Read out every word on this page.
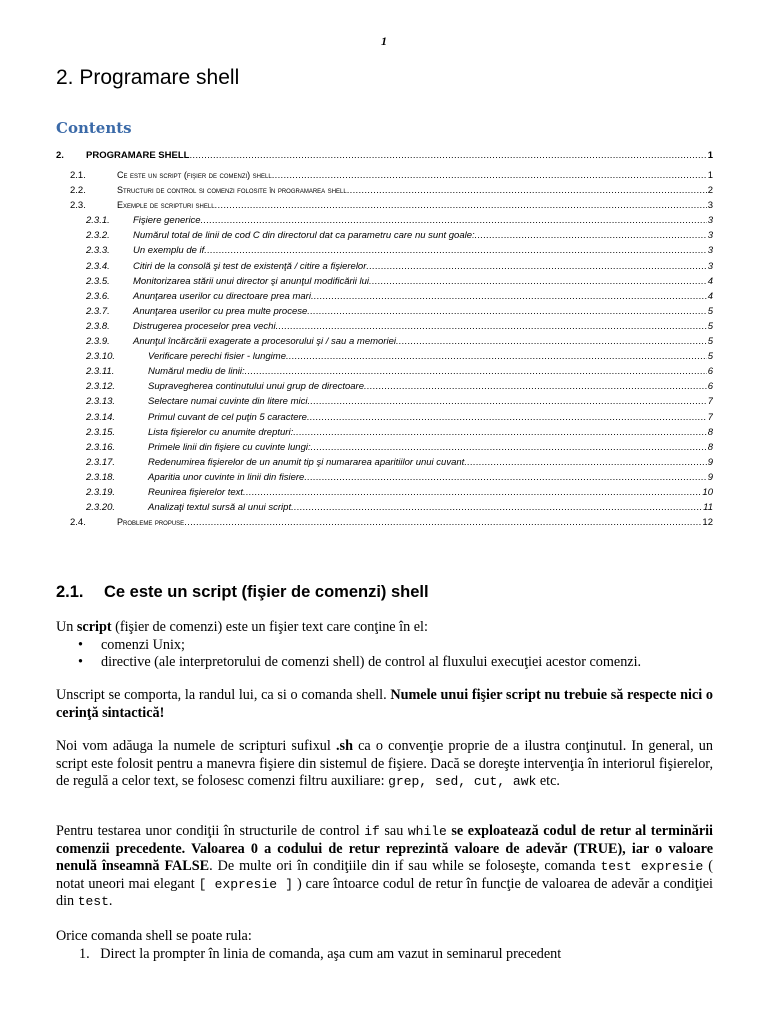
1
2. Programare shell
Contents
2.	PROGRAMARE SHELL .....	1
2.1.	Ce este un script (fişier de comenzi) shell .....	1
2.2.	Structuri de control si comenzi folosite în programarea shell .....	2
2.3.	Exemple de scripturi shell .....	3
2.3.1.	Fişiere generice .....	3
2.3.2.	Numărul total de linii de cod C din directorul dat ca parametru care nu sunt goale: .....	3
2.3.3.	Un exemplu de if .....	3
2.3.4.	Citiri de la consolă şi test de existenţă / citire a fişierelor .....	3
2.3.5.	Monitorizarea stării unui director şi anunţul modificării lui .....	4
2.3.6.	Anunţarea userilor cu directoare prea mari .....	4
2.3.7.	Anunţarea userilor cu prea multe procese .....	5
2.3.8.	Distrugerea proceselor prea vechi .....	5
2.3.9.	Anunţul încărcării exagerate a procesorului şi / sau a memoriei .....	5
2.3.10.	Verificare perechi fisier - lungime .....	5
2.3.11.	Numărul mediu de linii: .....	6
2.3.12.	Supravegherea continutului unui grup de directoare .....	6
2.3.13.	Selectare numai cuvinte din litere mici .....	7
2.3.14.	Primul cuvant de cel puţin 5 caractere .....	7
2.3.15.	Lista fişierelor cu anumite drepturi: .....	8
2.3.16.	Primele linii din fişiere cu cuvinte lungi: .....	8
2.3.17.	Redenumirea fişierelor de un anumit tip şi numararea aparitiilor unui cuvant .....	9
2.3.18.	Aparitia unor cuvinte in linii din fisiere .....	9
2.3.19.	Reunirea fişierelor text .....	10
2.3.20.	Analizaţi textul sursă al unui script .....	11
2.4.	Probleme propuse .....	12
2.1. Ce este un script (fişier de comenzi) shell
Un script (fişier de comenzi) este un fişier text care conţine în el:
• comenzi Unix;
• directive (ale interpretorului de comenzi shell) de control al fluxului execuţiei acestor comenzi.
Unscript se comporta, la randul lui, ca si o comanda shell. Numele unui fişier script nu trebuie să respecte nici o cerinţă sintactică!
Noi vom adăuga la numele de scripturi sufixul .sh ca o convenţie proprie de a ilustra conţinutul. In general, un script este folosit pentru a manevra fişiere din sistemul de fişiere. Dacă se doreşte intervenţia în interiorul fişierelor, de regulă a celor text, se folosesc comenzi filtru auxiliare: grep, sed, cut, awk etc.
Pentru testarea unor condiţii în structurile de control if sau while se exploatează codul de retur al terminării comenzii precedente. Valoarea 0 a codului de retur reprezintă valoare de adevăr (TRUE), iar o valoare nenulă înseamnă FALSE. De multe ori în condiţiile din if sau while se foloseşte, comanda test expresie ( notat uneori mai elegant [ expresie ] ) care întoarce codul de retur în funcţie de valoarea de adevăr a condiţiei din test.
Orice comanda shell se poate rula:
1. Direct la prompter în linia de comanda, aşa cum am vazut in seminarul precedent
